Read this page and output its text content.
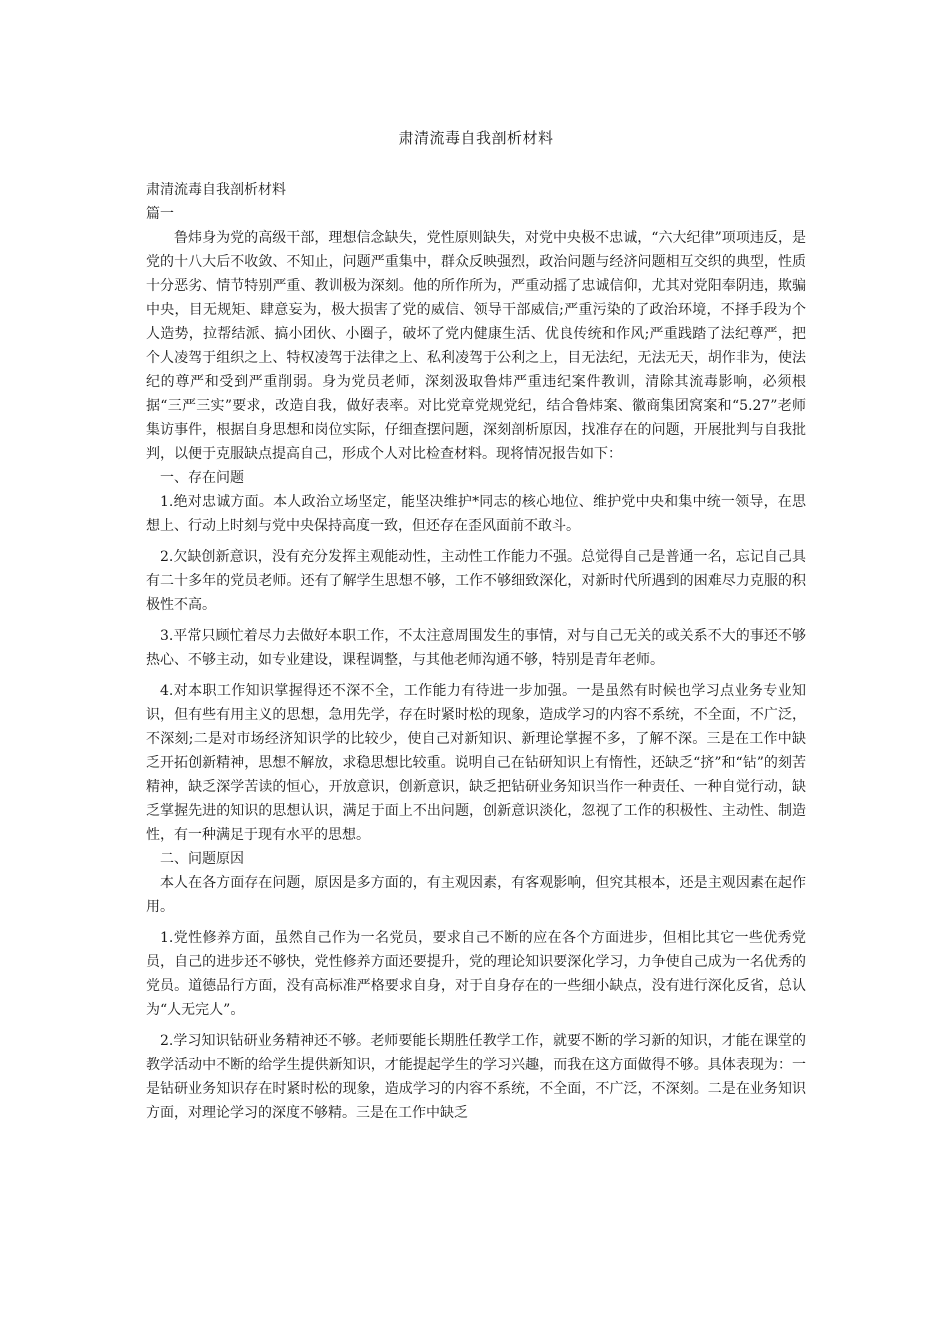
肃清流毒自我剖析材料

肃清流毒自我剖析材料

篇一

鲁炜身为党的高级干部，理想信念缺失，党性原则缺失，对党中央极不忠诚，“六大纪律”项项违反，是党的十八大后不收敛、不知止，问题严重集中，群众反映强烈，政治问题与经济问题相互交织的典型，性质十分恶劣、情节特别严重、教训极为深刻。他的所作所为，严重动摇了忠诚信仰，尤其对党阳奉阴违，欺骗中央，目无规矩、肆意妄为，极大损害了党的威信、领导干部威信;严重污染的了政治环境，不择手段为个人造势，拉帮结派、搞小团伙、小圈子，破坏了党内健康生活、优良传统和作风;严重践踏了法纪尊严，把个人凌驾于组织之上、特权凌驾于法律之上、私利凌驾于公利之上，目无法纪，无法无天，胡作非为，使法纪的尊严和受到严重削弱。身为党员老师，深刻汲取鲁炜严重违纪案件教训，清除其流毒影响，必须根据“三严三实”要求，改造自我，做好表率。对比党章党规党纪，结合鲁炜案、徽商集团窝案和“5.27”老师集访事件，根据自身思想和岗位实际，仔细查摆问题，深刻剖析原因，找准存在的问题，开展批判与自我批判，以便于克服缺点提高自己，形成个人对比检查材料。现将情况报告如下：

一、存在问题

1.绝对忠诚方面。本人政治立场坚定，能坚决维护*同志的核心地位、维护党中央和集中统一领导，在思想上、行动上时刻与党中央保持高度一致，但还存在歪风面前不敢斗。

2.欠缺创新意识，没有充分发挥主观能动性，主动性工作能力不强。总觉得自己是普通一名，忘记自己具有二十多年的党员老师。还有了解学生思想不够，工作不够细致深化，对新时代所遇到的困难尽力克服的积极性不高。

3.平常只顾忙着尽力去做好本职工作，不太注意周围发生的事情，对与自己无关的或关系不大的事还不够热心、不够主动，如专业建设，课程调整，与其他老师沟通不够，特别是青年老师。

4.对本职工作知识掌握得还不深不全，工作能力有待进一步加强。一是虽然有时候也学习点业务专业知识，但有些有用主义的思想，急用先学，存在时紧时松的现象，造成学习的内容不系统，不全面，不广泛，不深刻;二是对市场经济知识学的比较少，使自己对新知识、新理论掌握不多，了解不深。三是在工作中缺乏开拓创新精神，思想不解放，求稳思想比较重。说明自己在钻研知识上有惰性，还缺乏“挤”和“钻”的刻苦精神，缺乏深学苦读的恒心，开放意识，创新意识，缺乏把钻研业务知识当作一种责任、一种自觉行动，缺乏掌握先进的知识的思想认识，满足于面上不出问题，创新意识淡化，忽视了工作的积极性、主动性、制造性，有一种满足于现有水平的思想。

二、问题原因

本人在各方面存在问题，原因是多方面的，有主观因素，有客观影响，但究其根本，还是主观因素在起作用。

1.党性修养方面，虽然自己作为一名党员，要求自己不断的应在各个方面进步，但相比其它一些优秀党员，自己的进步还不够快，党性修养方面还要提升，党的理论知识要深化学习，力争使自己成为一名优秀的党员。道德品行方面，没有高标准严格要求自身，对于自身存在的一些细小缺点，没有进行深化反省，总认为“人无完人”。

2.学习知识钻研业务精神还不够。老师要能长期胜任教学工作，就要不断的学习新的知识，才能在课堂的教学活动中不断的给学生提供新知识，才能提起学生的学习兴趣，而我在这方面做得不够。具体表现为：一是钻研业务知识存在时紧时松的现象，造成学习的内容不系统，不全面，不广泛，不深刻。二是在业务知识方面，对理论学习的深度不够精。三是在工作中缺乏
